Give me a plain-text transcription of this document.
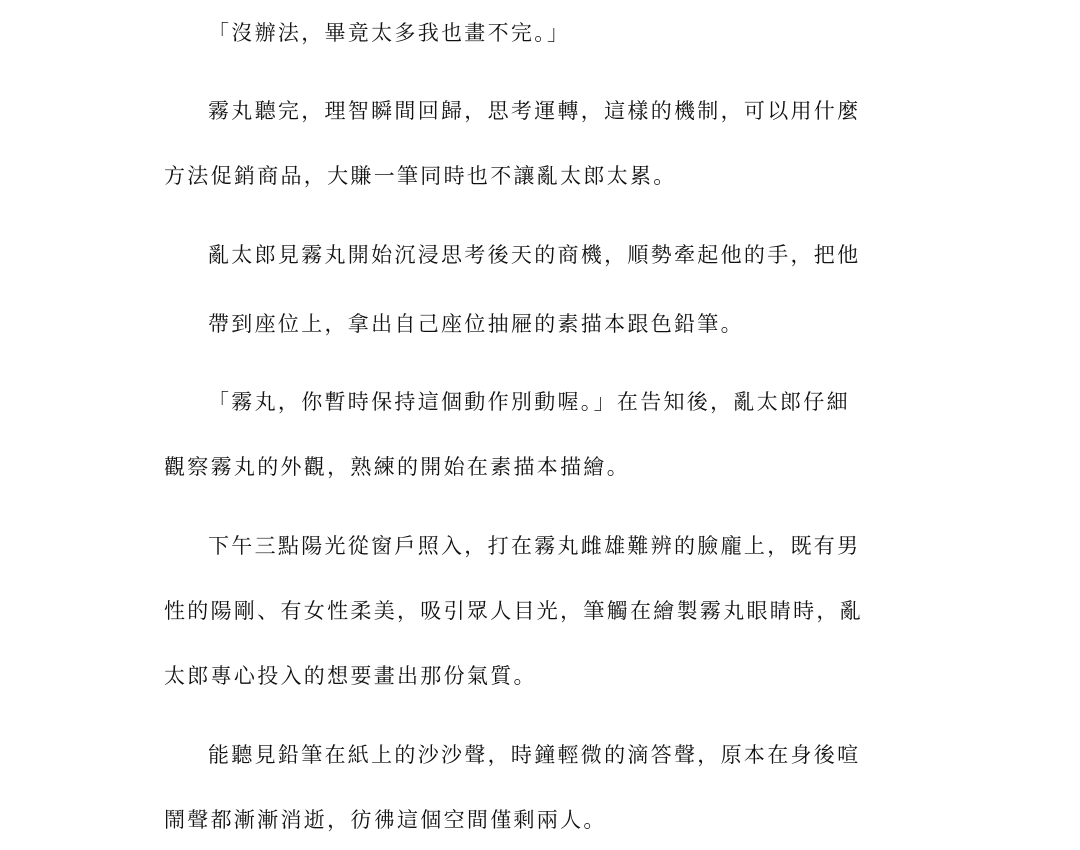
「沒辦法，畢竟太多我也畫不完。」
霧丸聽完，理智瞬間回歸，思考運轉，這樣的機制，可以用什麼
方法促銷商品，大賺一筆同時也不讓亂太郎太累。
亂太郎見霧丸開始沉浸思考後天的商機，順勢牽起他的手，把他
帶到座位上，拿出自己座位抽屜的素描本跟色鉛筆。
「霧丸，你暫時保持這個動作別動喔。」在告知後，亂太郎仔細
觀察霧丸的外觀，熟練的開始在素描本描繪。
下午三點陽光從窗戶照入，打在霧丸雌雄難辨的臉龐上，既有男
性的陽剛、有女性柔美，吸引眾人目光，筆觸在繪製霧丸眼睛時，亂
太郎專心投入的想要畫出那份氣質。
能聽見鉛筆在紙上的沙沙聲，時鐘輕微的滴答聲，原本在身後喧
鬧聲都漸漸消逝，彷彿這個空間僅剩兩人。
